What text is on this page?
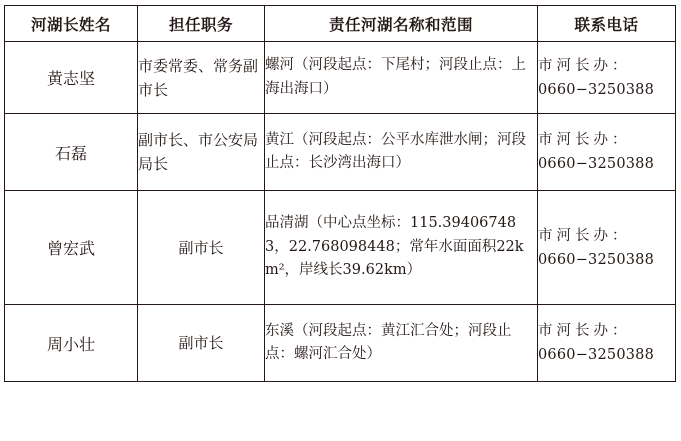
河湖长姓名	担任职务	责任河湖名称和范围	联系电话
黄志坚	市委常委、常务副市长	螺河（河段起点：下尾村；河段止点：上海出海口）	市河长办：
0660−3250388

石磊	副市长、市公安局局长	黄江（河段起点：公平水库泄水闸；河段止点：长沙湾出海口）	市河长办：
0660−3250388

曾宏武	副市长	品清湖（中心点坐标：115.394067483，22.768098448；常年水面面积22km²，岸线长39.62km）	市河长办：
0660−3250388

周小壮	副市长	东溪（河段起点：黄江汇合处；河段止点：螺河汇合处）	市河长办：
0660−3250388
